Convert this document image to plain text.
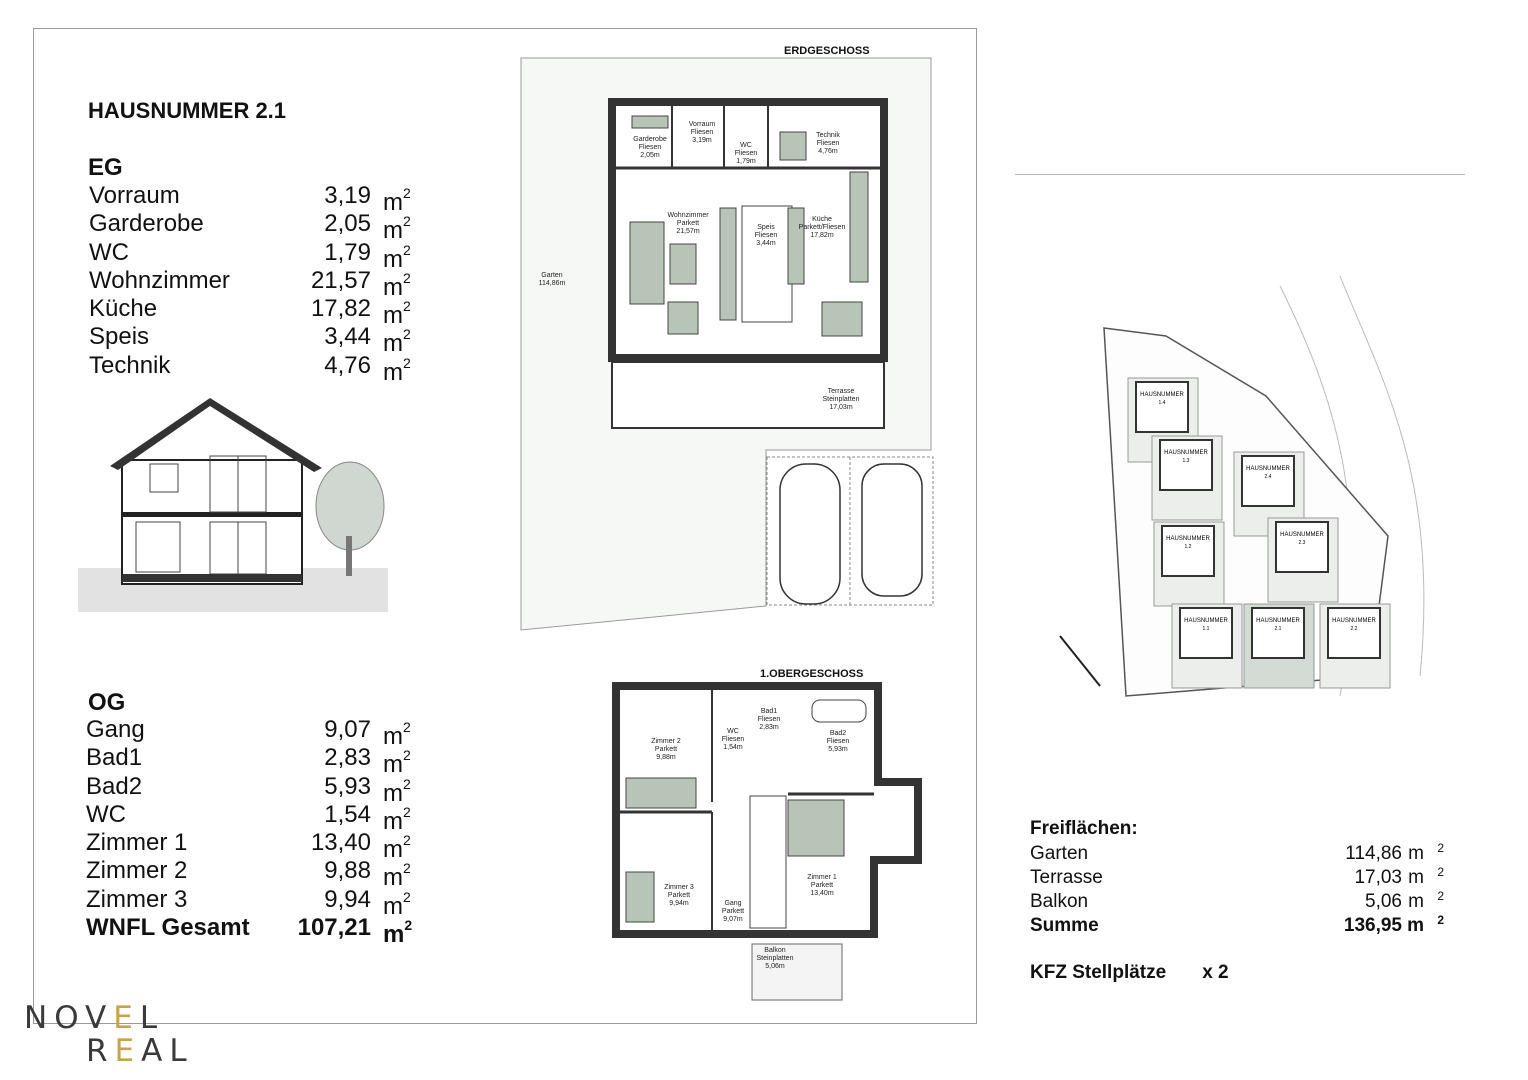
HAUSNUMMER 2.1
EG
Vorraum	3,19 $m^2$
Garderobe	2,05 $m^2$
WC	1,79 $m^2$
Wohnzimmer	21,57 $m^2$
Küche	17,82 $m^2$
Speis	3,44 $m^2$
Technik	4,76 $m^2$
OG
Gang	9,07 $m^2$
Bad1	2,83 $m^2$
Bad2	5,93 $m^2$
WC	1,54 $m^2$
Zimmer 1	13,40 $m^2$
Zimmer 2	9,88 $m^2$
Zimmer 3	9,94 $m^2$
WNFL Gesamt 107,21 $m^2$
ERDGESCHOSS
Garderobe
Fliesen
2,05m
Vorraum
Fliesen
3,19m
WC
Fliesen
1,79m
Technik
Fliesen
4,76m
Wohnzimmer
Parkett
21,57m
Speis
Fliesen
3,44m
Küche
Parkett/Fliesen
17,82m
Garten
114,86m
Terrasse
Steinplatten
17,03m
1.OBERGESCHOSS
Zimmer 2
Parkett
9,88m
WC
Fliesen
1,54m
Bad1
Fliesen
2,83m
Bad2
Fliesen
5,93m
Zimmer 3
Parkett
9,94m	Gang
Parkett
9,07m
Zimmer 1
Parkett
13,40m
Balkon
Steinplatten
5,06m
HAUSNUMMER
1.4
HAUSNUMMER
1.3
HAUSNUMMER
2.4
HAUSNUMMER
1.2
HAUSNUMMER
2.3
HAUSNUMMER
1.1
HAUSNUMMER
2.1
HAUSNUMMER
2.2
Freiflächen:
Garten	114,86 m 2
Terrasse	17,03 m 2
Balkon	5,06 m 2
Summe	136,95 m 2
KFZ Stellplätze x 2
NOVEL
REAL
